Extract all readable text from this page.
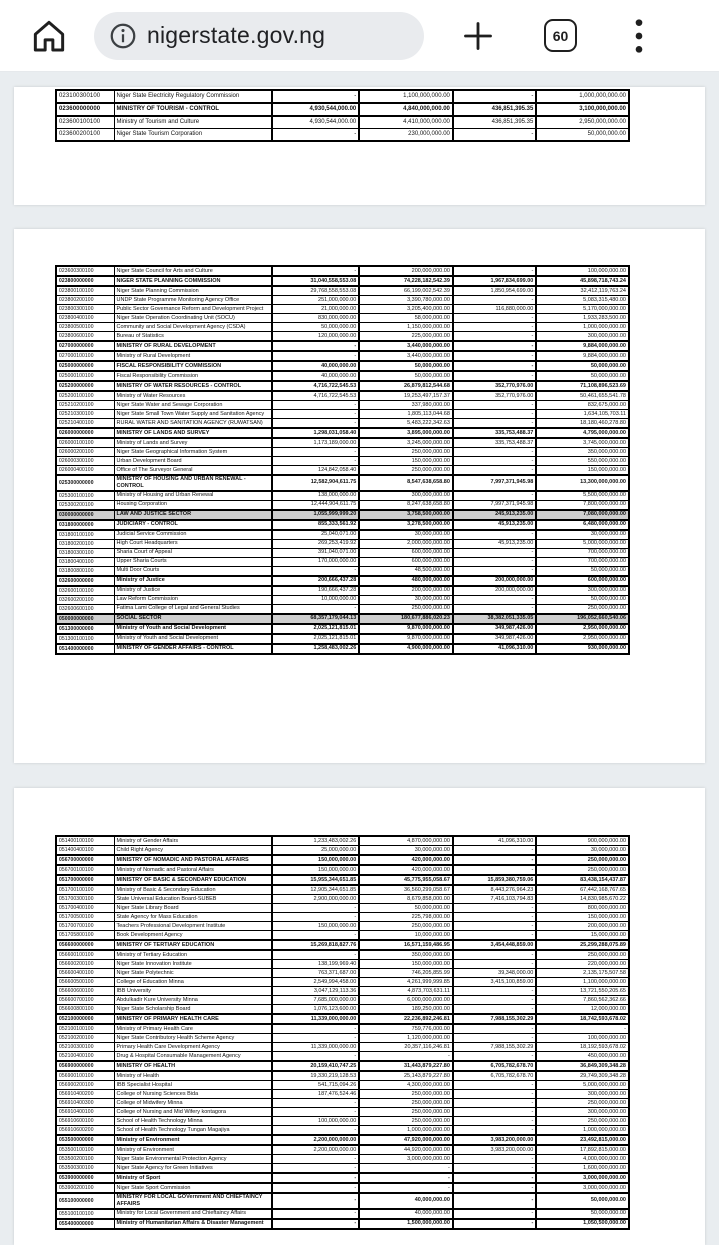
nigerstate.gov.ng	60
023100300100	Niger State Electricity Regulatory Commission	-	1,100,000,000.00	-	1,000,000,000.00
023600000000	MINISTRY OF TOURISM - CONTROL	4,930,544,000.00	4,840,000,000.00	436,851,395.35	3,100,000,000.00
023600100100	Ministry of Tourism and Culture	4,930,544,000.00	4,410,000,000.00	436,851,395.35	2,950,000,000.00
023600200100	Niger State Tourism Corporation	-	230,000,000.00	-	50,000,000.00
023600300100	Niger State Council for Arts and Culture	-	200,000,000.00	-	100,000,000.00
023800000000	NIGER STATE PLANNING COMMISSION	31,040,558,553.08	74,228,182,542.39	1,967,834,699.00	45,898,718,743.24
023800100100	Niger State Planning Commission	29,768,558,553.08	66,199,002,542.39	1,850,954,699.00	32,412,119,763.24
023800200100	UNDP State Programme Monitoring Agency Office	251,000,000.00	3,390,780,000.00	-	5,083,315,480.00
023800300100	Public Sector Governance Reform and Development Project	21,000,000.00	3,205,400,000.00	116,880,000.00	5,170,000,000.00
023800400100	Niger State Operation Coordinating Unit (SOCU)	830,000,000.00	58,000,000.00	-	1,933,283,500.00
023800500100	Community and Social Development Agency (CSDA)	50,000,000.00	1,150,000,000.00	-	1,000,000,000.00
023800600100	Bureau of Statistics	120,000,000.00	225,000,000.00	-	300,000,000.00
027000000000	MINISTRY OF RURAL DEVELOPMENT	-	3,440,000,000.00	-	9,884,000,000.00
027000100100	Ministry of Rural Development	-	3,440,000,000.00	-	9,884,000,000.00
025000000000	FISCAL RESPONSIBILITY COMMISSION	40,000,000.00	50,000,000.00	-	50,000,000.00
025000100100	Fiscal Responsibility Commission	40,000,000.00	50,000,000.00	-	50,000,000.00
025200000000	MINISTRY OF WATER RESOURCES - CONTROL	4,716,722,545.53	26,879,812,544.68	352,770,976.00	71,108,896,523.69
025200100100	Ministry of Water Resources	4,716,722,545.53	19,253,497,157.37	352,770,976.00	50,461,655,541.78
025210200100	Niger State Water and Sewage Corporation	-	337,980,000.00	-	832,675,000.00
025210300100	Niger State Small Town Water Supply and Sanitation Agency	-	1,805,113,044.68	-	1,634,105,703.11
025210400100	RURAL WATER AND SANITATION AGENCY (RUWATSAN)	-	5,483,222,342.63	-	18,180,460,278.80
026000000000	MINISTRY OF LANDS AND SURVEY	1,298,031,058.40	3,895,000,000.00	335,753,488.37	4,795,000,000.00
026000100100	Ministry of Lands and Survey	1,173,189,000.00	3,245,000,000.00	335,753,488.37	3,745,000,000.00
026000200100	Niger State Geographical Information System	-	250,000,000.00	-	350,000,000.00
026000300100	Urban Development Board	-	150,000,000.00	-	550,000,000.00
026000400100	Office of The Surveyor General	124,842,058.40	250,000,000.00	-	150,000,000.00
025300000000	MINISTRY OF HOUSING AND URBAN RENEWAL - CONTROL	12,582,904,611.75	8,547,638,658.80	7,997,371,945.98	13,300,000,000.00
025300100100	Ministry of Housing and Urban Renewal	138,000,000.00	300,000,000.00	-	5,500,000,000.00
025300200100	Housing Corporation	12,444,904,611.75	8,247,638,658.80	7,997,371,945.98	7,800,000,000.00
030000000000	LAW AND JUSTICE SECTOR	1,055,999,999.20	3,758,500,000.00	245,913,235.00	7,080,000,000.00
031800000000	JUDICIARY - CONTROL	855,333,561.92	3,278,500,000.00	45,913,235.00	6,480,000,000.00
031800100100	Judicial Service Commission	25,040,071.00	30,000,000.00	-	30,000,000.00
031800200100	High Court Headquarters	269,253,419.92	2,000,000,000.00	45,913,235.00	5,000,000,000.00
031800300100	Sharia Court of Appeal	391,040,071.00	600,000,000.00	-	700,000,000.00
031800400100	Upper Sharia Courts	170,000,000.00	600,000,000.00	-	700,000,000.00
031800800100	Multi Door Courts	-	48,500,000.00	-	50,000,000.00
032600000000	Ministry of Justice	200,666,437.28	480,000,000.00	200,000,000.00	600,000,000.00
032600100100	Ministry of Justice	190,666,437.28	200,000,000.00	200,000,000.00	300,000,000.00
032600200100	Law Reform Commission	10,000,000.00	30,000,000.00	-	50,000,000.00
032600600100	Fatima Lami College of Legal and General Studies	-	250,000,000.00	-	250,000,000.00
050000000000	SOCIAL SECTOR	68,357,179,044.13	180,677,886,020.23	38,382,051,335.05	196,052,660,540.06
051300000000	Ministry of Youth and Social Development	2,025,121,815.01	9,870,000,000.00	349,987,426.00	2,950,000,000.00
051300100100	Ministry of Youth and Social Development	2,025,121,815.01	9,870,000,000.00	349,987,426.00	2,950,000,000.00
051400000000	MINISTRY OF GENDER AFFAIRS - CONTROL	1,258,483,002.26	4,900,000,000.00	41,096,310.00	930,000,000.00
051400100100	Ministry of Gender Affairs	1,233,483,002.26	4,870,000,000.00	41,096,310.00	900,000,000.00
051400400100	Child Right Agency	25,000,000.00	30,000,000.00	-	30,000,000.00
056700000000	MINISTRY OF NOMADIC AND PASTORAL AFFAIRS	150,000,000.00	420,000,000.00	-	250,000,000.00
056700100100	Ministry of Nomadic and Pastoral Affairs	150,000,000.00	420,000,000.00	-	250,000,000.00
051700000000	MINISTRY OF BASIC & SECONDARY EDUCATION	15,955,344,651.85	45,775,955,058.67	15,859,380,759.06	83,438,154,437.87
051700100100	Ministry of Basic & Secondary Education	12,905,344,651.85	36,560,299,058.67	8,443,276,964.23	67,442,168,767.65
051700300100	State Universal Education Board-SUBEB	2,900,000,000.00	8,679,858,000.00	7,416,103,794.83	14,830,985,670.22
051700400100	Niger State Library Board	-	50,000,000.00	-	800,000,000.00
051700500100	State Agency for Mass Education	-	225,798,000.00	-	150,000,000.00
051700700100	Teachers Professional Development Institute	150,000,000.00	250,000,000.00	-	200,000,000.00
051705800100	Book Development Agency	-	10,000,000.00	-	15,000,000.00
056600000000	MINISTRY OF TERTIARY EDUCATION	15,269,818,827.76	16,571,159,486.95	3,454,448,859.00	25,299,288,075.89
056600100100	Ministry of Tertiary Education	-	350,000,000.00	-	250,000,000.00
056600200100	Niger State Innovation Institute	138,199,969.40	150,000,000.00	-	220,000,000.00
056600400100	Niger State Polytechnic	763,371,687.00	746,205,855.99	39,348,000.00	2,135,175,507.58
056600500100	College of Education Minna	2,549,994,458.00	4,261,999,999.85	3,415,100,859.00	1,100,000,000.00
056600600100	IBB University	3,047,129,113.36	4,873,703,631.11	-	13,721,550,205.65
056600700100	Abdulkadir Kure University Minna	7,685,000,000.00	6,000,000,000.00	-	7,860,562,362.66
056600800100	Niger State Scholarship Board	1,076,123,600.00	189,250,000.00	-	12,000,000.00
052100000000	MINISTRY OF PRIMARY HEALTH CARE	11,339,000,000.00	22,236,892,246.81	7,988,155,302.29	18,742,593,678.02
052100100100	Ministry of Primary Health Care	-	759,776,000.00	-	-
052100200100	Niger State Contributory Health Scheme Agency	-	1,120,000,000.00	-	100,000,000.00
052100300100	Primary Health Care Development Agency	11,339,000,000.00	20,357,116,246.81	7,988,155,302.29	18,192,593,678.02
052100400100	Drug & Hospital Consumable Management Agency	-	-	-	450,000,000.00
056900000000	MINISTRY OF HEALTH	20,159,410,747.25	31,443,879,227.80	6,705,782,678.70	36,849,309,348.28
056900100100	Ministry of Health	19,330,219,128.53	25,143,879,227.80	6,705,782,678.70	29,749,309,348.28
056900200100	IBB Specialist Hospital	541,715,094.26	4,300,000,000.00	-	5,000,000,000.00
056910400200	College of Nursing Sciences Bida	187,476,524.46	250,000,000.00	-	300,000,000.00
056910400300	College of Midwifery Minna	-	250,000,000.00	-	250,000,000.00
056910400100	College of Nursing and Mid Wifery kontagora	-	250,000,000.00	-	300,000,000.00
056910600100	School of Health Technology Minna	100,000,000.00	250,000,000.00	-	250,000,000.00
056910600200	School of Health Technology Tungan Magajiya	-	1,000,000,000.00	-	1,000,000,000.00
053500000000	Ministry of Environment	2,200,000,000.00	47,920,000,000.00	3,983,200,000.00	23,492,815,000.00
053500100100	Ministry of Environment	2,200,000,000.00	44,920,000,000.00	3,983,200,000.00	17,892,815,000.00
053500200100	Niger State Environmental Protection Agency	-	3,000,000,000.00	-	4,000,000,000.00
053500300100	Niger State Agency for Green Initiatives	-	-	-	1,600,000,000.00
053900000000	Ministry of Sport	-	-	-	3,000,000,000.00
053900200100	Niger State Sport Commission	-	-	-	3,000,000,000.00
055100000000	MINISTRY FOR LOCAL GOVernment AND CHIEFTAINCY AFFAIRS	-	40,000,000.00	-	50,000,000.00
055100100100	Ministry for Local Government and Chieftaincy Affairs	-	40,000,000.00	-	50,000,000.00
055400000000	Ministry of Humanitarian Affairs & Disaster Management	-	1,500,000,000.00	-	1,050,500,000.00
